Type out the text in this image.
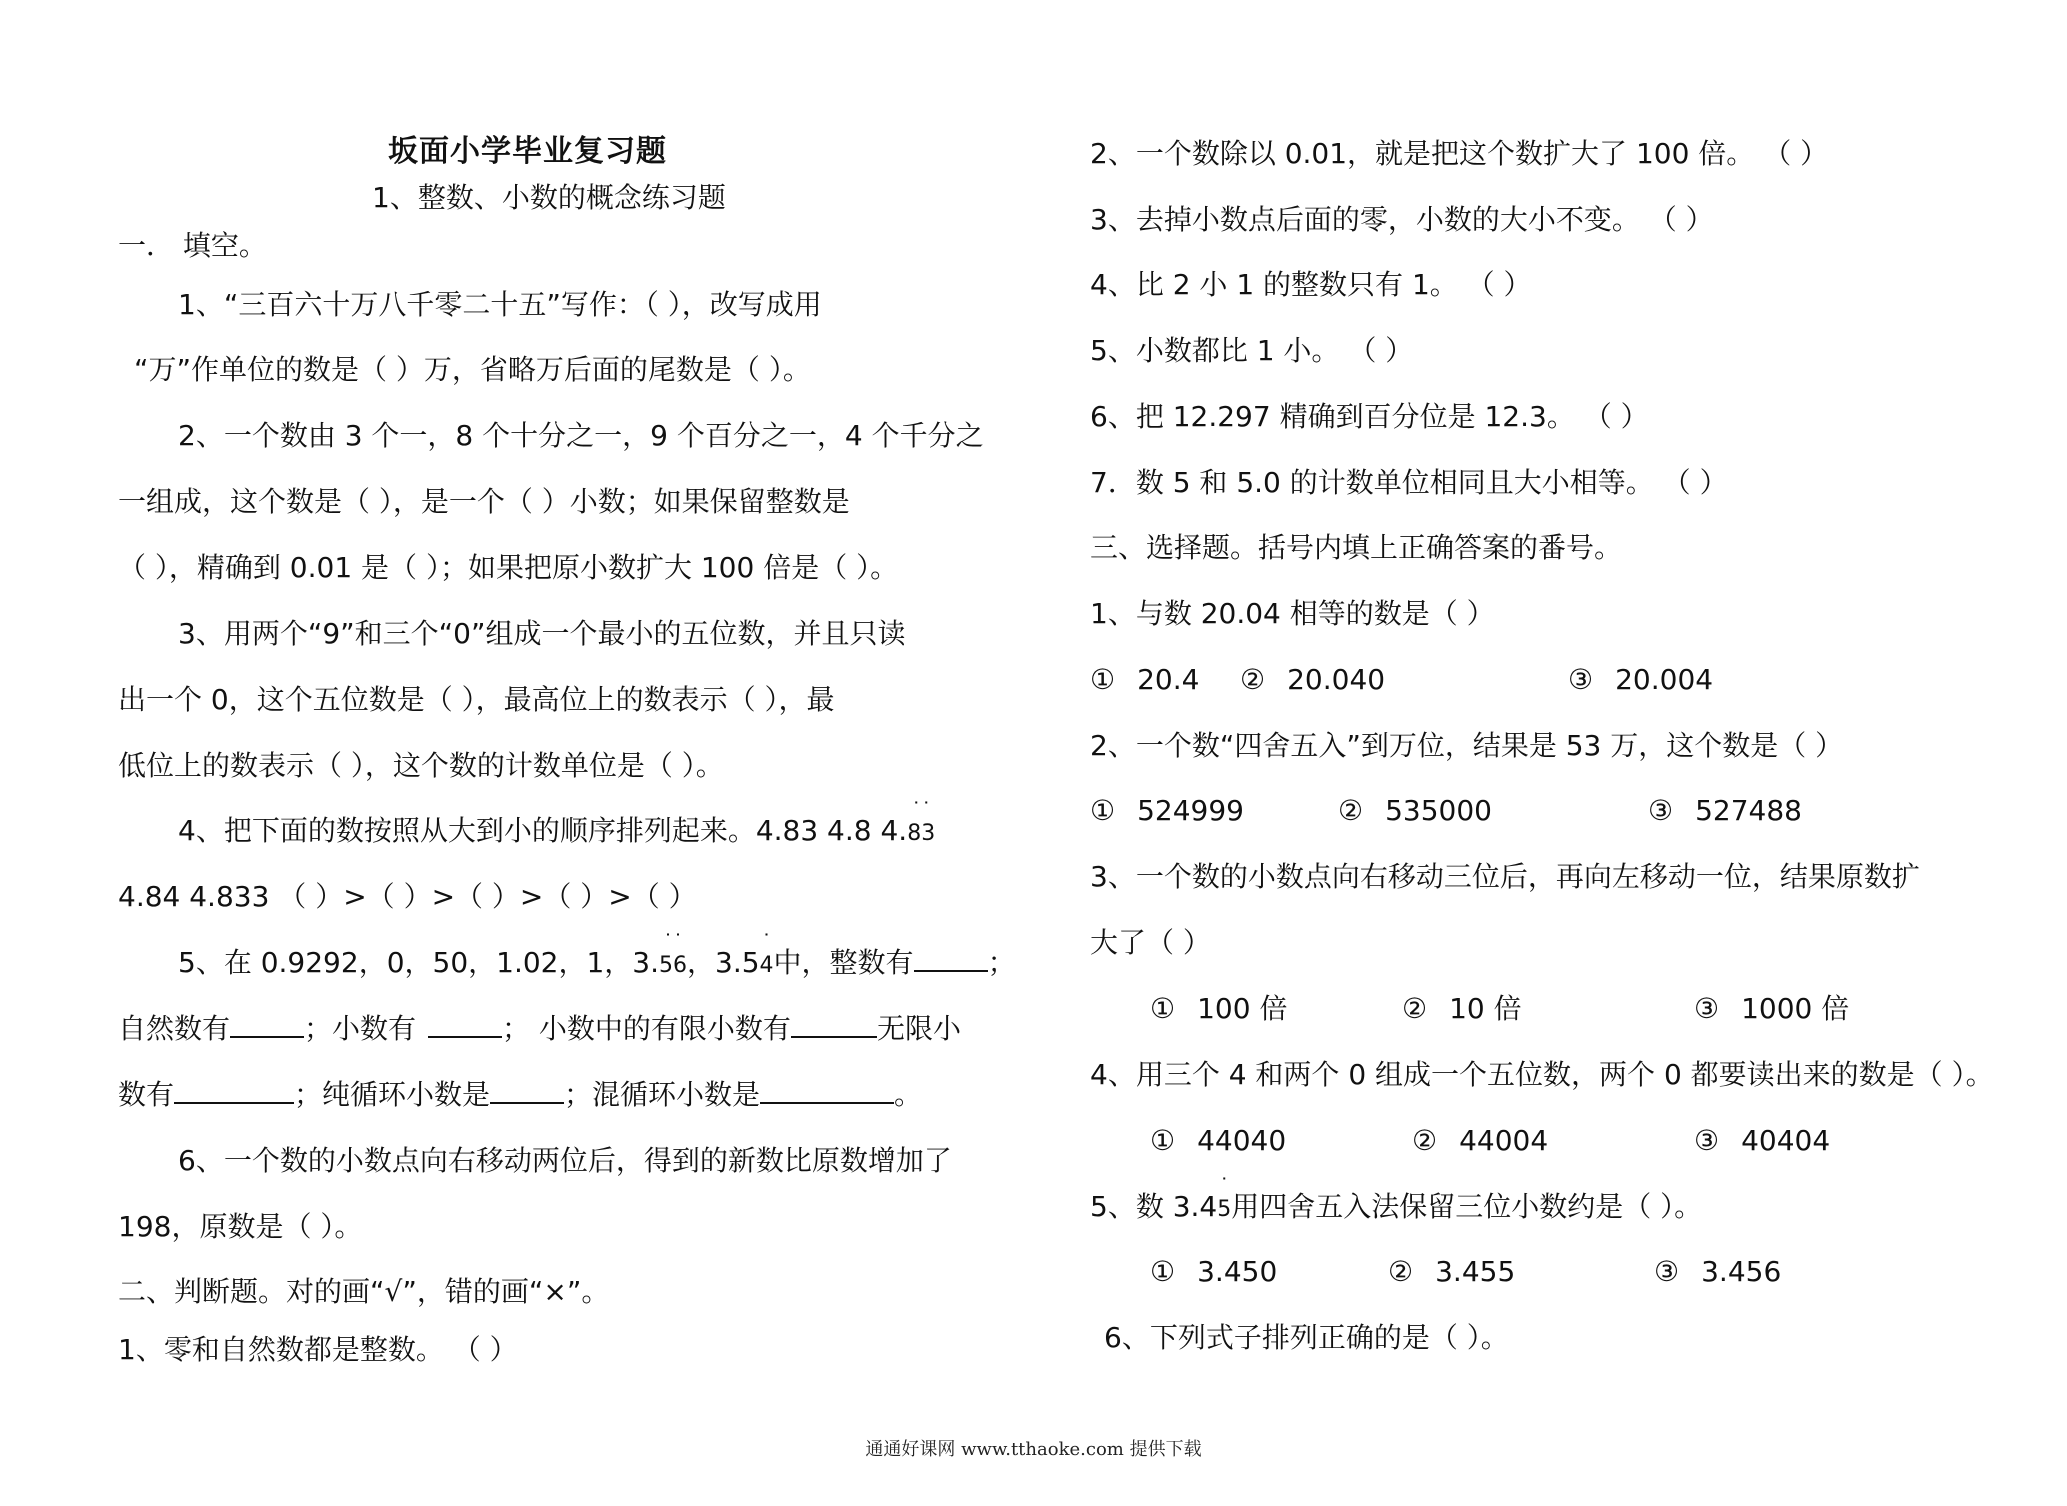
坂面小学毕业复习题
1、整数、小数的概念练习题
一． 填空。
1、“三百六十万八千零二十五”写作：（ ），改写成用
“万”作单位的数是（ ）万，省略万后面的尾数是（ ）。
2、一个数由 3 个一，8 个十分之一，9 个百分之一，4 个千分之
一组成，这个数是（ ），是一个（ ）小数；如果保留整数是
（ ），精确到 0.01 是（ ）；如果把原小数扩大 100 倍是（ ）。
3、用两个“9”和三个“0”组成一个最小的五位数，并且只读
出一个 0，这个五位数是（ ），最高位上的数表示（ ），最
低位上的数表示（ ），这个数的计数单位是（ ）。
4、把下面的数按照从大到小的顺序排列起来。4.83 4.8 4.
˙˙
83
4.84 4.833 （ ）>（ ）>（ ）>（ ）>（ ）
5、在 0.9292，0，50，1.02，1，3.
˙˙
56，3.5
˙
4中，整数有	；
自然数有	；小数有	； 小数中的有限小数有	无限小
数有	；纯循环小数是	；混循环小数是	。
6、一个数的小数点向右移动两位后，得到的新数比原数增加了
198，原数是（ ）。
二、判断题。对的画“√”，错的画“×”。
1、零和自然数都是整数。 （ ）
2、一个数除以 0.01，就是把这个数扩大了 100 倍。 （ ）
3、去掉小数点后面的零，小数的大小不变。 （ ）
4、比 2 小 1 的整数只有 1。 （ ）
5、小数都比 1 小。 （ ）
6、把 12.297 精确到百分位是 12.3。 （ ）
7．数 5 和 5.0 的计数单位相同且大小相等。 （ ）
三、选择题。括号内填上正确答案的番号。
1、与数 20.04 相等的数是（ ）
① 20.4 ② 20.040	③ 20.004
2、一个数“四舍五入”到万位，结果是 53 万，这个数是（ ）
① 524999	② 535000	③ 527488
3、一个数的小数点向右移动三位后，再向左移动一位，结果原数扩
大了（ ）
① 100 倍	② 10 倍	③ 1000 倍
4、用三个 4 和两个 0 组成一个五位数，两个 0 都要读出来的数是（ ）。
① 44040	② 44004	③ 40404
5、数 3.4
˙
5用四舍五入法保留三位小数约是（ ）。
① 3.450	② 3.455	③ 3.456
6、下列式子排列正确的是（ ）。
通通好课网 www.tthaoke.com 提供下载
